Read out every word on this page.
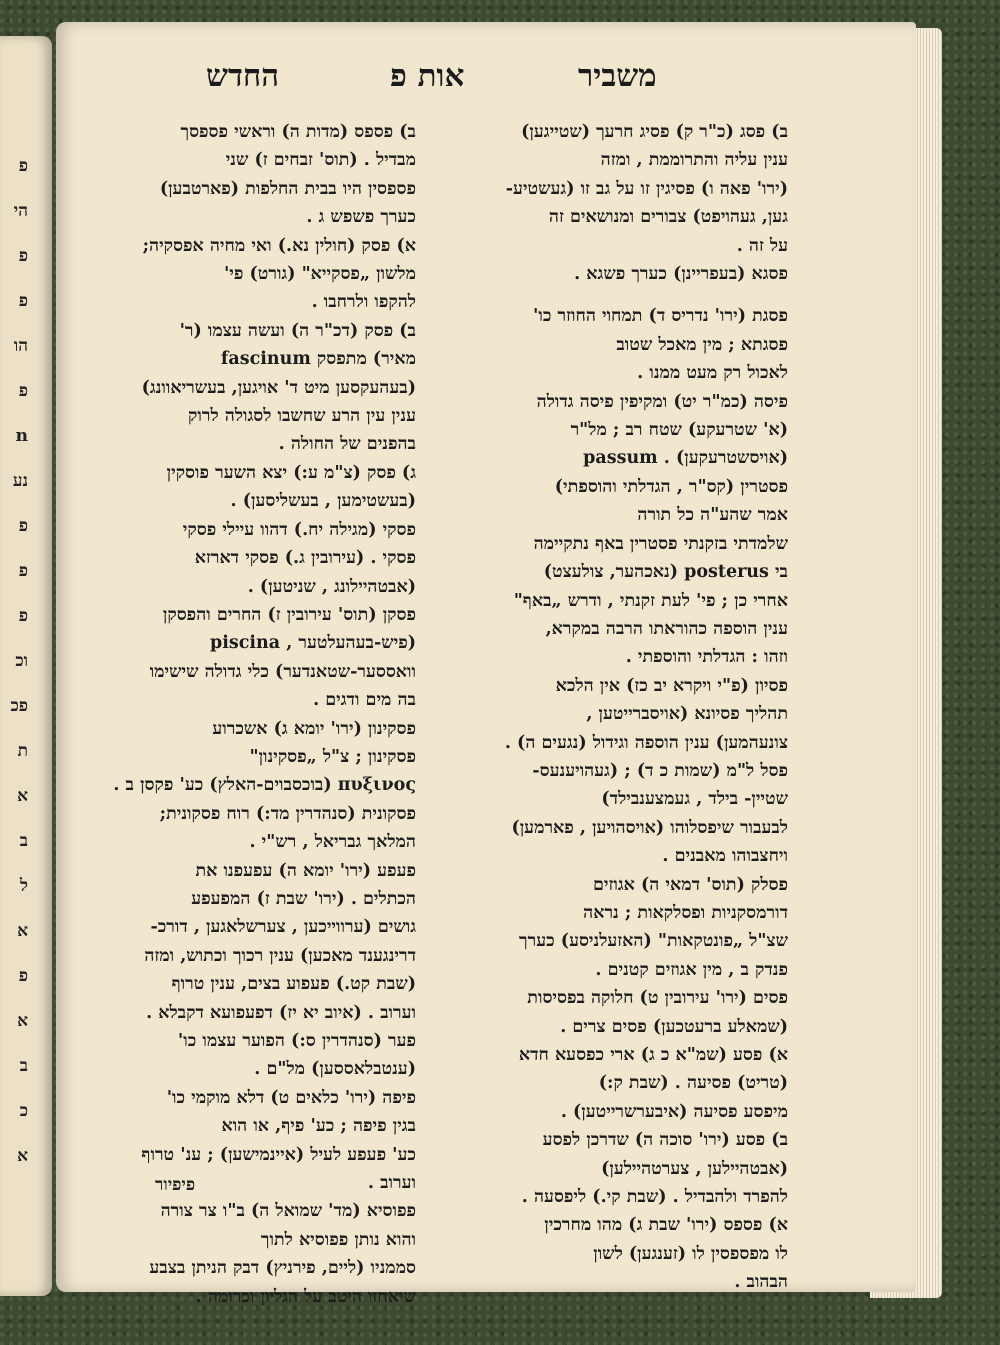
פ
הי
פ
פ
הו
פ
n
נע
פ
פ
פ
וכ
פכ
ת
א
ב
ל
א
פ
א
ב
כ
א
משביר
אות פ
החדש

ב) פסג (כ"ר ק) פסיג חרעך (שטייגען)

ענין עליה והתרוממת , ומזה

(ירו' פאה ו) פסיגין זו על גב זו (געשטיע-

גען, געהויפט) צבורים ומנושאים זה

על זה .

פסגא (בעפריינן) כערך פשגא .

פסגת (ירו' נדריס ד) תמחוי החוזר כו'

פסגתא ; מין מאכל שטוב

לאכול רק מעט ממנו .

פיסה (כמ"ר יט) ומקיפין פיסה גדולה

(א' שטרעקע) שטח רב ; מל"ר

(אויסשטרעקען) . passum

פסטרין (קס"ר , הגדלתי והוספתי)

אמר שהע"ה כל תורה

שלמדתי בזקנתי פסטרין באף נתקיימה

בי posterus (נאכהער, צולעצט)

אחרי כן ; פי' לעת זקנתי , ודרש „באף"

ענין הוספה כהוראתו הרבה במקרא,

וזהו : הגדלתי והוספתי .

פסיון (פ"י ויקרא יב כז) אין הלכא

תהליך פסיונא (אויסברייטען ,

צונעהמען) ענין הוספה וגידול (נגעים ה) .

פסל ל"מ (שמות כ ד) ; (געהויענעס-

שטיין- בילד , געמצענבילד)

לבעבור שיפסלוהו (אויסהויען , פארמען)

ויחצבוהו מאבנים .

פסלק (תוס' דמאי ה) אגוזים

דורמסקניות ופסלקאות ; נראה

שצ"ל „פונטקאות" (האזעלניסע) כערך

פנדק ב , מין אגוזים קטנים .

פסים (ירו' עירובין ט) חלוקה בפסיסות

(שמאלע ברעטכען) פסים צרים .

א) פסע (שמ"א כ ג) ארי כפסעא חדא

(טריט) פסיעה . (שבת ק:)

מיפסע פסיעה (איבערשרייטען) .

ב) פסע (ירו' סוכה ה) שדרכן לפסע

(אבטהיילען , צערטהיילען)

להפרד ולהבדיל . (שבת קי.) ליפסעה .

א) פספס (ירו' שבת ג) מהו מחרכין

לו מפספסין לו (זענגען) לשון

הבהוב .

ב) פספס (מדות ה) וראשי פספסך

מבדיל . (תוס' זבחים ז) שני

פספסין היו בבית החלפות (פארטבען)

כערך פשפש ג .

א) פסק (חולין נא.) ואי מחיה אפסקיה;

מלשון „פסקייא" (גורט) פי'

להקפו ולרחבו .

ב) פסק (דכ"ר ה) ועשה עצמו (ר'

מאיר) מתפסק fascinum

(בעהעקסען מיט ד' אויגען, בעשריאוונג)

ענין עין הרע שחשבו לסגולה לרוק

בהפנים של החולה .

ג) פסק (צ"מ ע:) יצא השער פוסקין

(בעשטימען , בעשליסען) .

פסקי (מגילה יח.) דהוו עיילי פסקי

פסקי . (עירובין ג.) פסקי דארזא

(אבטהיילונג , שניטען) .

פסקן (תוס' עירובין ז) החרים והפסקן

(פיש-בעהעלטער , piscina

וואססער-שטאנדער) כלי גדולה שישימו

בה מים ודגים .

פסקינון (ירו' יומא ג) אשכרוע

פסקינון ; צ"ל „פסקינון"

πυξινος (בוכסבוים-האלץ) כע' פקסן ב .

פסקונית (סנהדרין מד:) רוח פסקונית;

המלאך גבריאל , רש"י .

פעפע (ירו' יומא ה) עפעפנו את

הכתלים . (ירו' שבת ז) המפעפע

גושים (ערווייכען , צערשלאגען , דורכ-

דרינגענד מאכען) ענין רכוך וכתוש, ומזה

(שבת קט.) פעפוע בצים, ענין טרוף

וערוב . (איוב יא יז) דפעפועא דקבלא .

פער (סנהדרין ס:) הפוער עצמו כו'

(ענטבלאססען) מל"ם .

פיפה (ירו' כלאים ט) דלא מוקמי כו'

בגין פיפה ; כע' פיף, או הוא

כע' פעפע לעיל (איינמישען) ; ענ' טרוף

וערוב .

פפוסיא (מד' שמואל ה) ב"ו צר צורה

והוא נותן פפוסיא לתוך

סממניו (ליים, פירניץ) דבק הניתן בצבע

שיאחזו היטב על הגליון וכרומה .

פיפיור
